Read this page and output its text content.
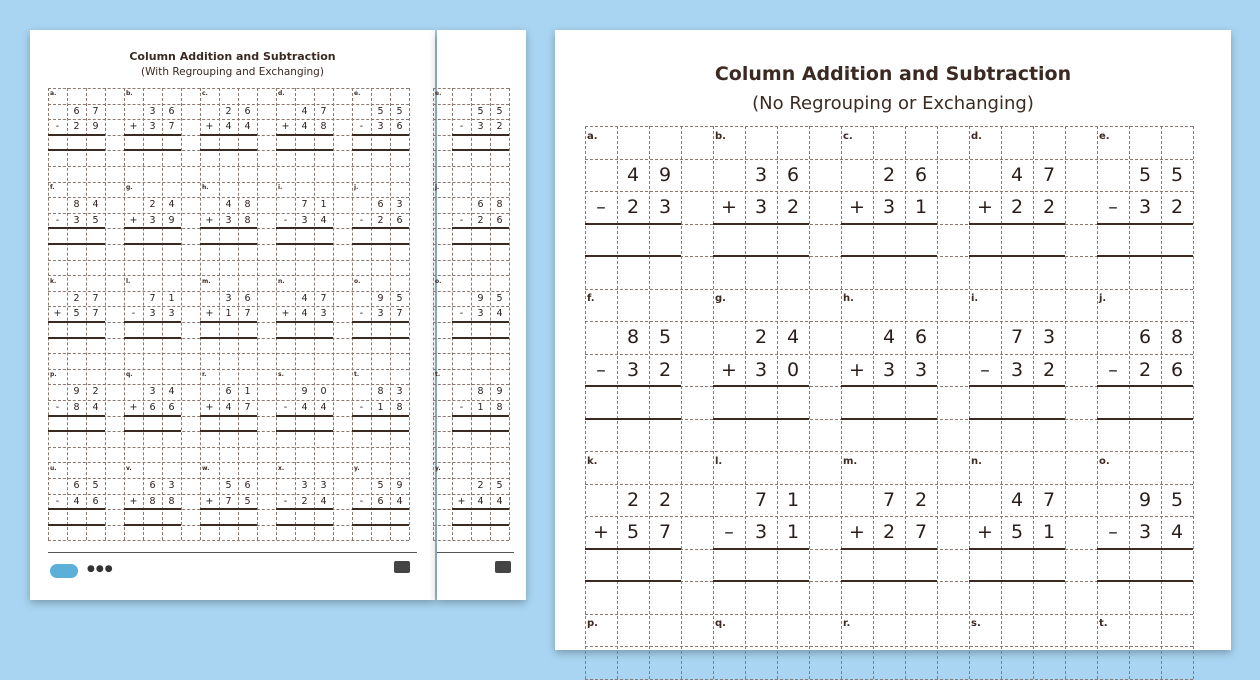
Column Addition and Subtraction
(With Regrouping and Exchanging)
a.
6	7
-	2	9
b.
3	6
+	3	7
c.
2	6
+	4	4
d.
4	7
+	4	8
e.
5	5
-	3	6
f.
8	4
-	3	5
g.
2	4
+	3	9
h.
4	8
+	3	8
i.
7	1
-	3	4
j.
6	3
-	2	6
k.
2	7
+	5	7
l.
7	1
-	3	3
m.
3	6
+	1	7
n.
4	7
+	4	3
o.
9	5
-	3	7
p.
9	2
-	8	4
q.
3	4
+	6	6
r.
6	1
+	4	7
s.
9	0
-	4	4
t.
8	3
-	1	8
u.
6	5
-	4	6
v.
6	3
+	8	8
w.
5	6
+	7	5
x.
3	3
-	2	4
y.
5	9
-	6	4
●●●
e.
5	5
-	3	2
j.
6	8
-	2	6
o.
9	5
-	3	4
t.
8	9
-	1	8
y.
2	5
+	4	4
Column Addition and Subtraction
(No Regrouping or Exchanging)
a.
4	9
–	2	3
b.
3	6
+ 3	2
c.
2	6
+ 3	1
d.
4	7
+ 2	2
e.
5	5
–	3	2
f.
8	5
–	3	2
g.
2	4
+ 3	0
h.
4	6
+ 3	3
i.
7	3
–	3	2
j.
6	8
–	2	6
k.
2	2
+ 5	7
l.
7	1
–	3	1
m.
7	2
+ 2	7
n.
4	7
+ 5	1
o.
9	5
–	3	4
p.	q.	r.	s.	t.
